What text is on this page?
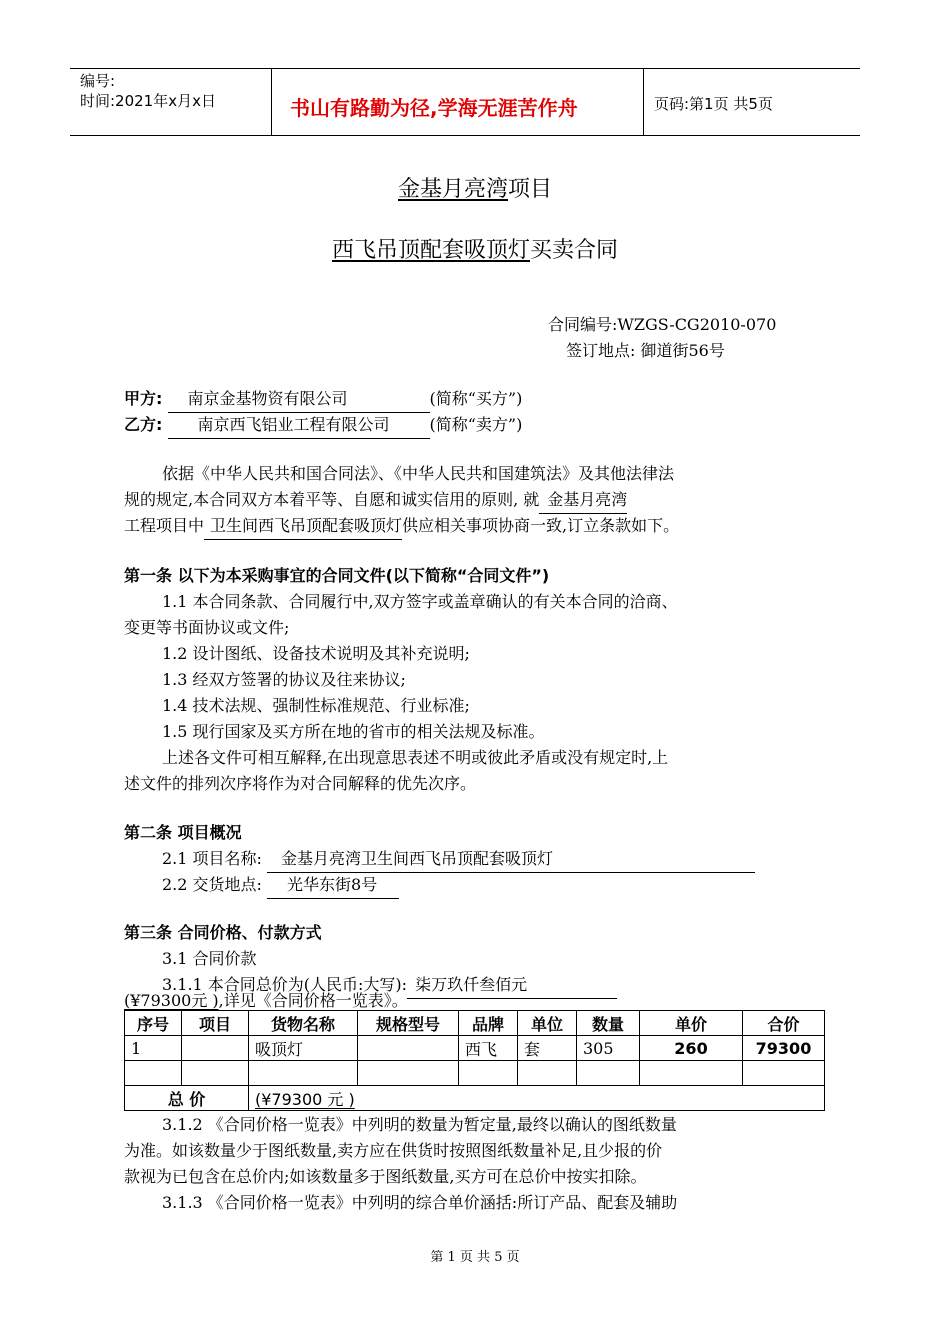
编号:
时间:2021年x月x日	书山有路勤为径,学海无涯苦作舟	页码:第1页 共5页
金基月亮湾项目
西飞吊顶配套吸顶灯买卖合同
合同编号:WZGS-CG2010-070
签订地点: 御道街56号
甲方: 南京金基物资有限公司	(简称“买方”)
乙方: 南京西飞铝业工程有限公司 (简称“卖方”)
依据《中华人民共和国合同法》、《中华人民共和国建筑法》及其他法律法
规的规定,本合同双方本着平等、自愿和诚实信用的原则, 就 金基月亮湾
工程项目中 卫生间西飞吊顶配套吸顶灯供应相关事项协商一致,订立条款如下。
第一条 以下为本采购事宜的合同文件(以下简称“合同文件”)
1.1 本合同条款、合同履行中,双方签字或盖章确认的有关本合同的洽商、
变更等书面协议或文件;
1.2 设计图纸、设备技术说明及其补充说明;
1.3 经双方签署的协议及往来协议;
1.4 技术法规、强制性标准规范、行业标准;
1.5 现行国家及买方所在地的省市的相关法规及标准。
上述各文件可相互解释,在出现意思表述不明或彼此矛盾或没有规定时,上
述文件的排列次序将作为对合同解释的优先次序。
第二条 项目概况
2.1 项目名称: 金基月亮湾卫生间西飞吊顶配套吸顶灯
2.2 交货地点: 光华东街8号
第三条 合同价格、付款方式
3.1 合同价款
3.1.1 本合同总价为(人民币:大写): 柒万玖仟叁佰元
(¥79300元 ),详见《合同价格一览表》。
序号	项目	货物名称	规格型号	品牌	单位	数量	单价	合价
1		吸顶灯		西飞	套	305	260	79300

总 价		(¥79300 元 )						
3.1.2 《合同价格一览表》中列明的数量为暂定量,最终以确认的图纸数量
为准。如该数量少于图纸数量,卖方应在供货时按照图纸数量补足,且少报的价
款视为已包含在总价内;如该数量多于图纸数量,买方可在总价中按实扣除。
3.1.3 《合同价格一览表》中列明的综合单价涵括:所订产品、配套及辅助
第 1 页 共 5 页
